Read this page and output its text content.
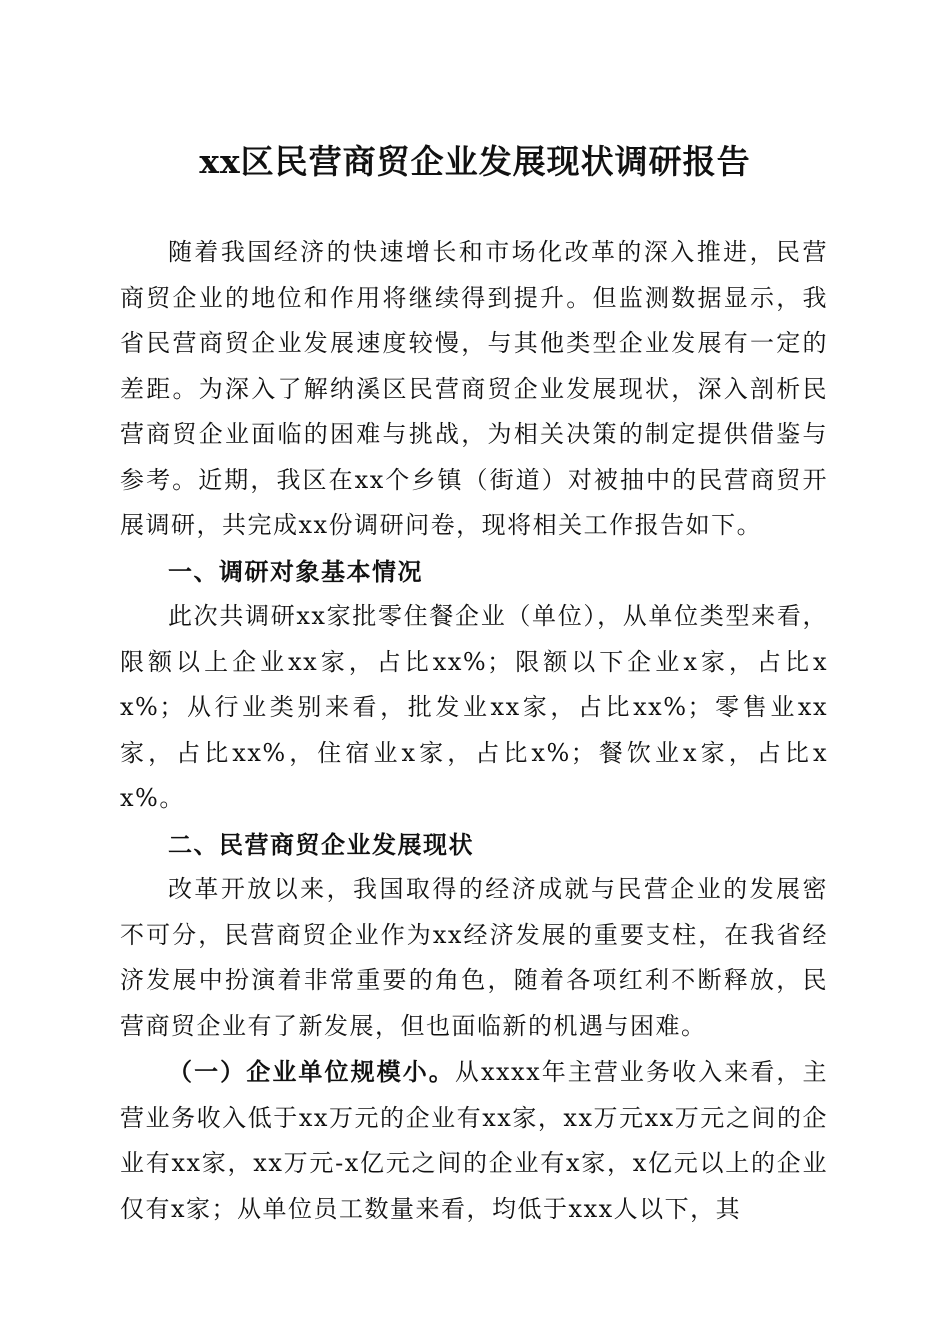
xx区民营商贸企业发展现状调研报告

随着我国经济的快速增长和市场化改革的深入推进，民营商贸企业的地位和作用将继续得到提升。但监测数据显示，我省民营商贸企业发展速度较慢，与其他类型企业发展有一定的差距。为深入了解纳溪区民营商贸企业发展现状，深入剖析民营商贸企业面临的困难与挑战，为相关决策的制定提供借鉴与参考。近期，我区在xx个乡镇（街道）对被抽中的民营商贸开展调研，共完成xx份调研问卷，现将相关工作报告如下。

一、调研对象基本情况

此次共调研xx家批零住餐企业（单位），从单位类型来看，限额以上企业xx家，占比xx%；限额以下企业x家，占比xx%；从行业类别来看，批发业xx家，占比xx%；零售业xx家，占比xx%，住宿业x家，占比x%；餐饮业x家，占比xx%。

二、民营商贸企业发展现状

改革开放以来，我国取得的经济成就与民营企业的发展密不可分，民营商贸企业作为xx经济发展的重要支柱，在我省经济发展中扮演着非常重要的角色，随着各项红利不断释放，民营商贸企业有了新发展，但也面临新的机遇与困难。

（一）企业单位规模小。从xxxx年主营业务收入来看，主营业务收入低于xx万元的企业有xx家，xx万元xx万元之间的企业有xx家，xx万元-x亿元之间的企业有x家，x亿元以上的企业仅有x家；从单位员工数量来看，均低于xxx人以下，其
